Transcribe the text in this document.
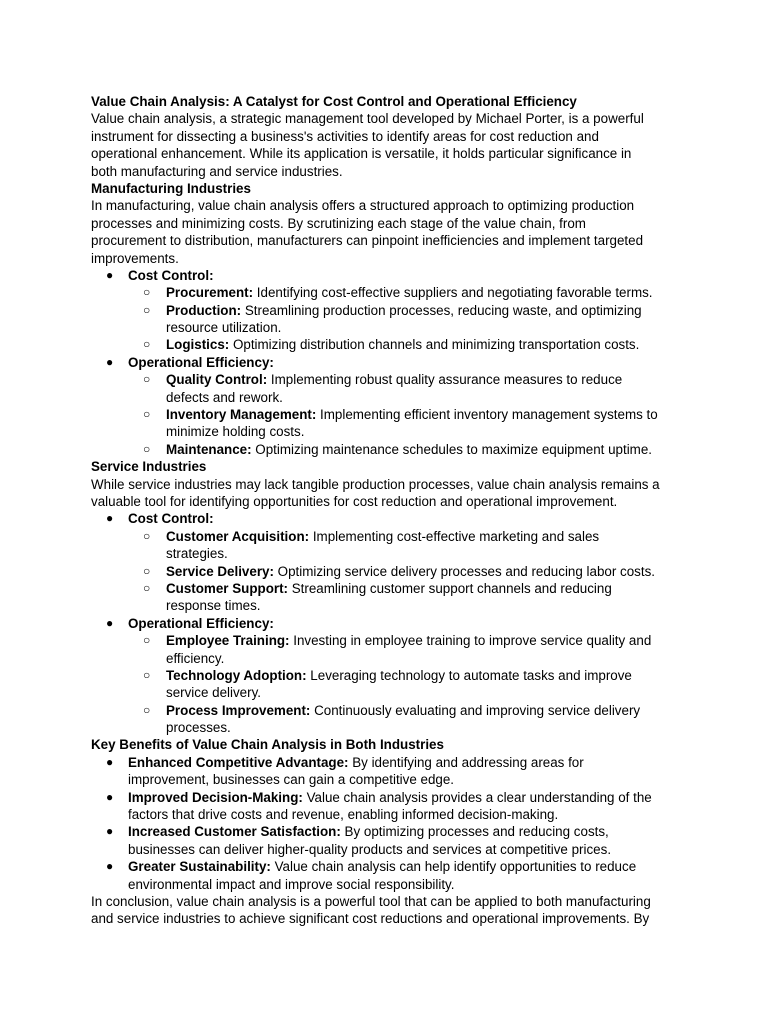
Value Chain Analysis: A Catalyst for Cost Control and Operational Efficiency
Value chain analysis, a strategic management tool developed by Michael Porter, is a powerful
instrument for dissecting a business's activities to identify areas for cost reduction and
operational enhancement. While its application is versatile, it holds particular significance in
both manufacturing and service industries.
Manufacturing Industries
In manufacturing, value chain analysis offers a structured approach to optimizing production
processes and minimizing costs. By scrutinizing each stage of the value chain, from
procurement to distribution, manufacturers can pinpoint inefficiencies and implement targeted
improvements.
● Cost Control:
○ Procurement: Identifying cost-effective suppliers and negotiating favorable terms.
○ Production: Streamlining production processes, reducing waste, and optimizing
resource utilization.
○ Logistics: Optimizing distribution channels and minimizing transportation costs.
● Operational Efficiency:
○ Quality Control: Implementing robust quality assurance measures to reduce
defects and rework.
○ Inventory Management: Implementing efficient inventory management systems to
minimize holding costs.
○ Maintenance: Optimizing maintenance schedules to maximize equipment uptime.
Service Industries
While service industries may lack tangible production processes, value chain analysis remains a
valuable tool for identifying opportunities for cost reduction and operational improvement.
● Cost Control:
○ Customer Acquisition: Implementing cost-effective marketing and sales
strategies.
○ Service Delivery: Optimizing service delivery processes and reducing labor costs.
○ Customer Support: Streamlining customer support channels and reducing
response times.
● Operational Efficiency:
○ Employee Training: Investing in employee training to improve service quality and
efficiency.
○ Technology Adoption: Leveraging technology to automate tasks and improve
service delivery.
○ Process Improvement: Continuously evaluating and improving service delivery
processes.
Key Benefits of Value Chain Analysis in Both Industries
● Enhanced Competitive Advantage: By identifying and addressing areas for
improvement, businesses can gain a competitive edge.
● Improved Decision-Making: Value chain analysis provides a clear understanding of the
factors that drive costs and revenue, enabling informed decision-making.
● Increased Customer Satisfaction: By optimizing processes and reducing costs,
businesses can deliver higher-quality products and services at competitive prices.
● Greater Sustainability: Value chain analysis can help identify opportunities to reduce
environmental impact and improve social responsibility.
In conclusion, value chain analysis is a powerful tool that can be applied to both manufacturing
and service industries to achieve significant cost reductions and operational improvements. By
